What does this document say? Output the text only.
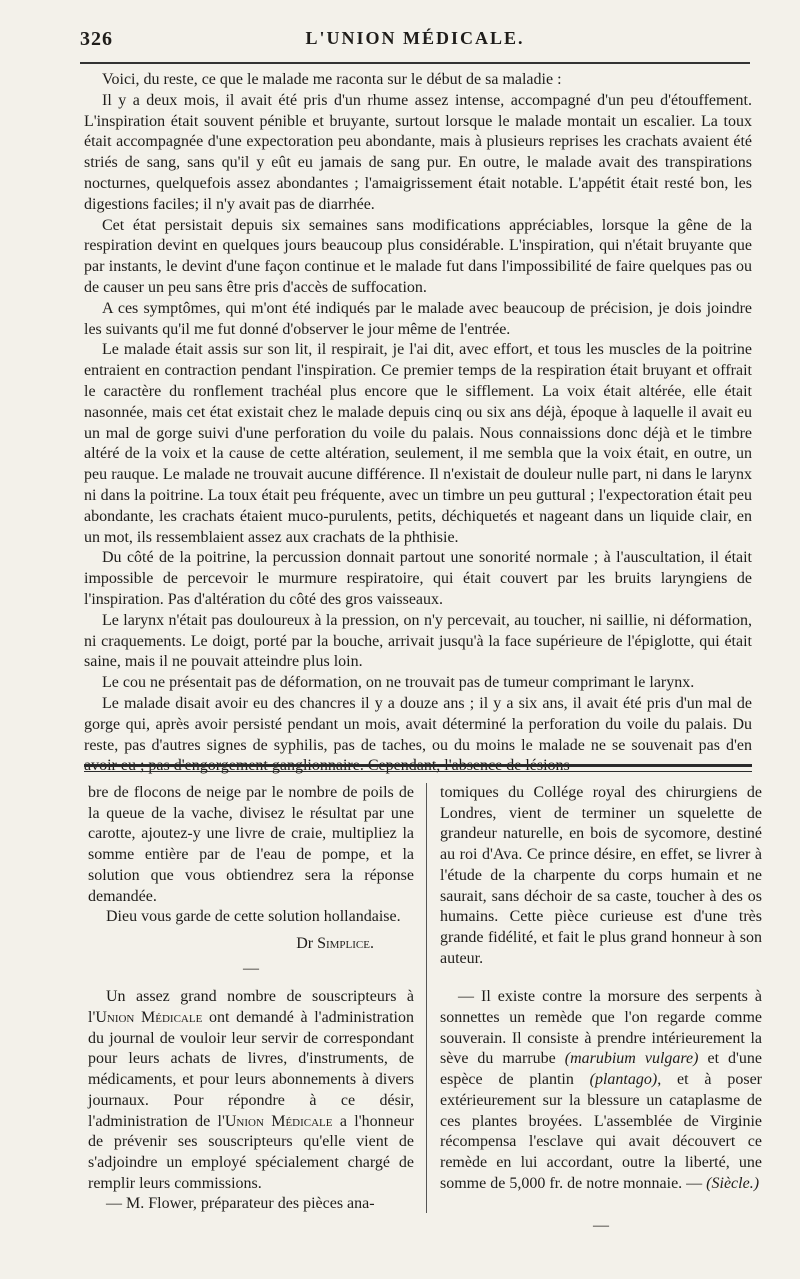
326	L'UNION MÉDICALE.

Voici, du reste, ce que le malade me raconta sur le début de sa maladie :

Il y a deux mois, il avait été pris d'un rhume assez intense, accompagné d'un peu d'étouffement. L'inspiration était souvent pénible et bruyante, surtout lorsque le malade montait un escalier. La toux était accompagnée d'une expectoration peu abondante, mais à plusieurs reprises les crachats avaient été striés de sang, sans qu'il y eût eu jamais de sang pur. En outre, le malade avait des transpirations nocturnes, quelquefois assez abondantes ; l'amaigrissement était notable. L'appétit était resté bon, les digestions faciles; il n'y avait pas de diarrhée.

Cet état persistait depuis six semaines sans modifications appréciables, lorsque la gêne de la respiration devint en quelques jours beaucoup plus considérable. L'inspiration, qui n'était bruyante que par instants, le devint d'une façon continue et le malade fut dans l'impossibilité de faire quelques pas ou de causer un peu sans être pris d'accès de suffocation.

A ces symptômes, qui m'ont été indiqués par le malade avec beaucoup de précision, je dois joindre les suivants qu'il me fut donné d'observer le jour même de l'entrée.

Le malade était assis sur son lit, il respirait, je l'ai dit, avec effort, et tous les muscles de la poitrine entraient en contraction pendant l'inspiration. Ce premier temps de la respiration était bruyant et offrait le caractère du ronflement trachéal plus encore que le sifflement. La voix était altérée, elle était nasonnée, mais cet état existait chez le malade depuis cinq ou six ans déjà, époque à laquelle il avait eu un mal de gorge suivi d'une perforation du voile du palais. Nous connaissions donc déjà et le timbre altéré de la voix et la cause de cette altération, seulement, il me sembla que la voix était, en outre, un peu rauque. Le malade ne trouvait aucune différence. Il n'existait de douleur nulle part, ni dans le larynx ni dans la poitrine. La toux était peu fréquente, avec un timbre un peu guttural ; l'expectoration était peu abondante, les crachats étaient muco-purulents, petits, déchiquetés et nageant dans un liquide clair, en un mot, ils ressemblaient assez aux crachats de la phthisie.

Du côté de la poitrine, la percussion donnait partout une sonorité normale ; à l'auscultation, il était impossible de percevoir le murmure respiratoire, qui était couvert par les bruits laryngiens de l'inspiration. Pas d'altération du côté des gros vaisseaux.

Le larynx n'était pas douloureux à la pression, on n'y percevait, au toucher, ni saillie, ni déformation, ni craquements. Le doigt, porté par la bouche, arrivait jusqu'à la face supérieure de l'épiglotte, qui était saine, mais il ne pouvait atteindre plus loin.

Le cou ne présentait pas de déformation, on ne trouvait pas de tumeur comprimant le larynx.

Le malade disait avoir eu des chancres il y a douze ans ; il y a six ans, il avait été pris d'un mal de gorge qui, après avoir persisté pendant un mois, avait déterminé la perforation du voile du palais. Du reste, pas d'autres signes de syphilis, pas de taches, ou du moins le malade ne se souvenait pas d'en avoir eu ; pas d'engorgement ganglionnaire. Cependant, l'absence de lésions

bre de flocons de neige par le nombre de poils de la queue de la vache, divisez le résultat par une carotte, ajoutez-y une livre de craie, multipliez la somme entière par de l'eau de pompe, et la solution que vous obtiendrez sera la réponse demandée.

Dieu vous garde de cette solution hollandaise.

Dr Simplice.
—

Un assez grand nombre de souscripteurs à l'Union Médicale ont demandé à l'administration du journal de vouloir leur servir de correspondant pour leurs achats de livres, d'instruments, de médicaments, et pour leurs abonnements à divers journaux. Pour répondre à ce désir, l'administration de l'Union Médicale a l'honneur de prévenir ses souscripteurs qu'elle vient de s'adjoindre un employé spécialement chargé de remplir leurs commissions.

— M. Flower, préparateur des pièces ana-

tomiques du Collége royal des chirurgiens de Londres, vient de terminer un squelette de grandeur naturelle, en bois de sycomore, destiné au roi d'Ava. Ce prince désire, en effet, se livrer à l'étude de la charpente du corps humain et ne saurait, sans déchoir de sa caste, toucher à des os humains. Cette pièce curieuse est d'une très grande fidélité, et fait le plus grand honneur à son auteur.

— Il existe contre la morsure des serpents à sonnettes un remède que l'on regarde comme souverain. Il consiste à prendre intérieurement la sève du marrube (marubium vulgare) et d'une espèce de plantin (plantago), et à poser extérieurement sur la blessure un cataplasme de ces plantes broyées. L'assemblée de Virginie récompensa l'esclave qui avait découvert ce remède en lui accordant, outre la liberté, une somme de 5,000 fr. de notre monnaie. — (Siècle.)

—
